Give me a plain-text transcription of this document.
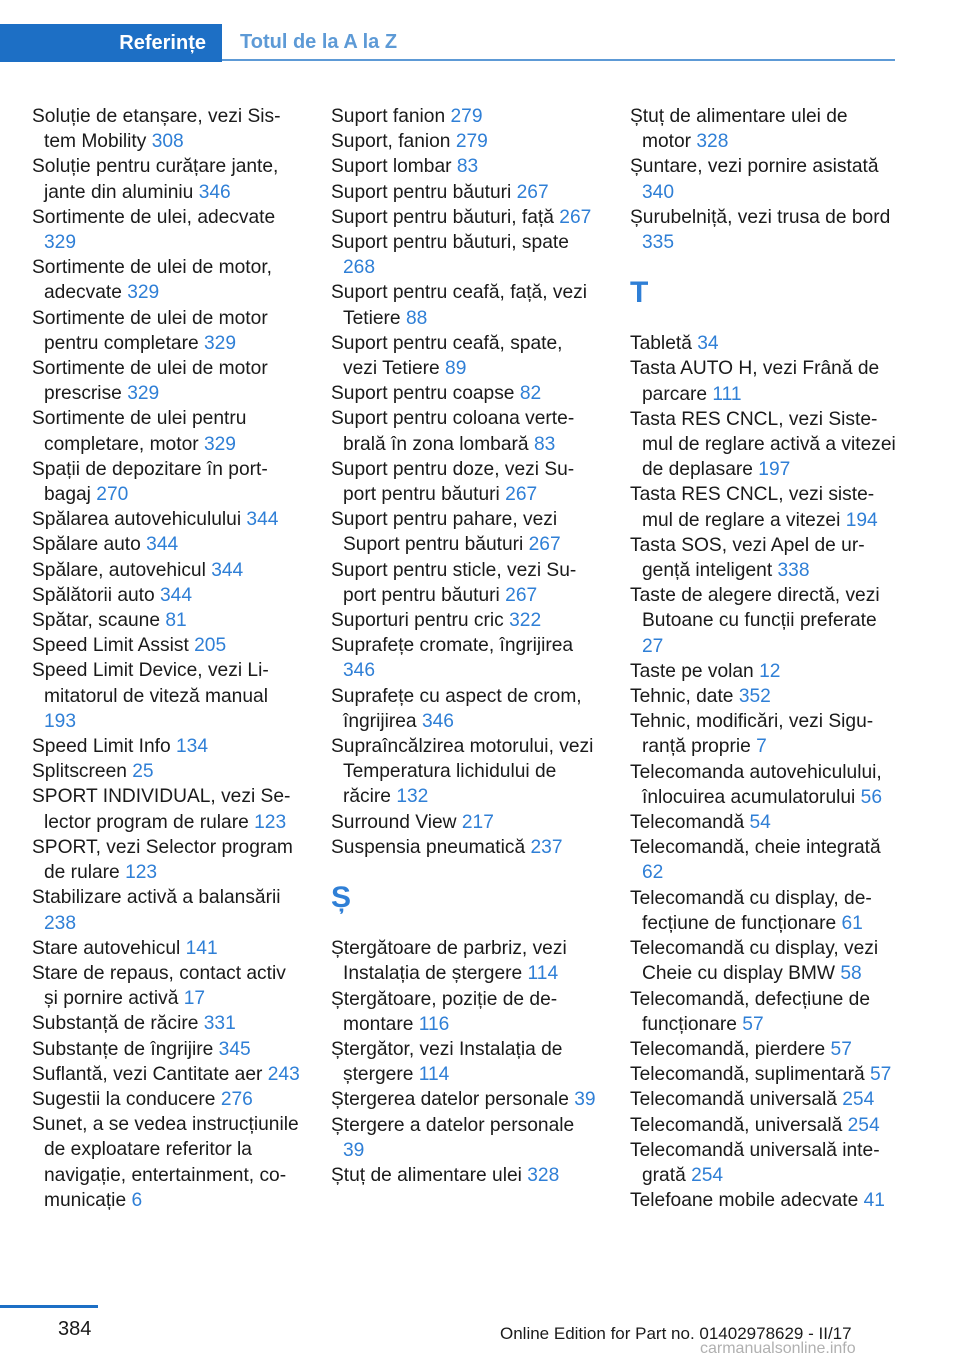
Referințe	Totul de la A la Z
Soluție de etanșare, vezi Sistem Mobility 308
Soluție pentru curățare jante, jante din aluminiu 346
Sortimente de ulei, adecvate 329
Sortimente de ulei de motor, adecvate 329
Sortimente de ulei de motor pentru completare 329
Sortimente de ulei de motor prescrise 329
Sortimente de ulei pentru completare, motor 329
Spații de depozitare în portbagaj 270
Spălarea autovehiculului 344
Spălare auto 344
Spălare, autovehicul 344
Spălătorii auto 344
Spătar, scaune 81
Speed Limit Assist 205
Speed Limit Device, vezi Limitatorul de viteză manual 193
Speed Limit Info 134
Splitscreen 25
SPORT INDIVIDUAL, vezi Selector program de rulare 123
SPORT, vezi Selector program de rulare 123
Stabilizare activă a balansării 238
Stare autovehicul 141
Stare de repaus, contact activ și pornire activă 17
Substanță de răcire 331
Substanțe de îngrijire 345
Suflantă, vezi Cantitate aer 243
Sugestii la conducere 276
Sunet, a se vedea instrucțiunile de exploatare referitor la navigație, entertainment, comunicație 6
Suport fanion 279
Suport, fanion 279
Suport lombar 83
Suport pentru băuturi 267
Suport pentru băuturi, față 267
Suport pentru băuturi, spate 268
Suport pentru ceafă, față, vezi Tetiere 88
Suport pentru ceafă, spate, vezi Tetiere 89
Suport pentru coapse 82
Suport pentru coloana vertebrală în zona lombară 83
Suport pentru doze, vezi Suport pentru băuturi 267
Suport pentru pahare, vezi Suport pentru băuturi 267
Suport pentru sticle, vezi Suport pentru băuturi 267
Suporturi pentru cric 322
Suprafețe cromate, îngrijirea 346
Suprafețe cu aspect de crom, îngrijirea 346
Supraîncălzirea motorului, vezi Temperatura lichidului de răcire 132
Surround View 217
Suspensia pneumatică 237
Ș
Ștergătoare de parbriz, vezi Instalația de ștergere 114
Ștergătoare, poziție de demontare 116
Ștergător, vezi Instalația de ștergere 114
Ștergerea datelor personale 39
Ștergere a datelor personale 39
Ștuț de alimentare ulei 328
Ștuț de alimentare ulei de motor 328
Șuntare, vezi pornire asistată 340
Șurubelniță, vezi trusa de bord 335
T
Tabletă 34
Tasta AUTO H, vezi Frână de parcare 111
Tasta RES CNCL, vezi Sistemul de reglare activă a vitezei de deplasare 197
Tasta RES CNCL, vezi sistemul de reglare a vitezei 194
Tasta SOS, vezi Apel de urgență inteligent 338
Taste de alegere directă, vezi Butoane cu funcții preferate 27
Taste pe volan 12
Tehnic, date 352
Tehnic, modificări, vezi Siguranță proprie 7
Telecomanda autovehiculului, înlocuirea acumulatorului 56
Telecomandă 54
Telecomandă, cheie integrată 62
Telecomandă cu display, defecțiune de funcționare 61
Telecomandă cu display, vezi Cheie cu display BMW 58
Telecomandă, defecțiune de funcționare 57
Telecomandă, pierdere 57
Telecomandă, suplimentară 57
Telecomandă universală 254
Telecomandă, universală 254
Telecomandă universală integrată 254
Telefoane mobile adecvate 41
384	Online Edition for Part no. 01402978629 - II/17
carmanualsonline.info
